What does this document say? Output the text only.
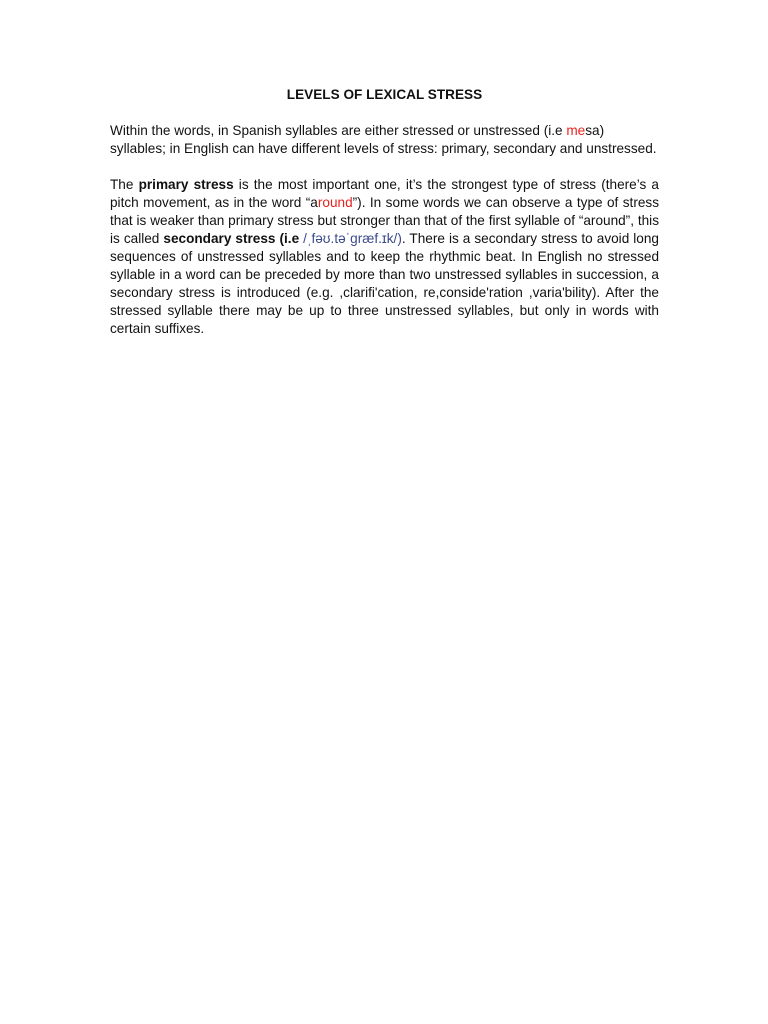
LEVELS OF LEXICAL STRESS

Within the words, in Spanish syllables are either stressed or unstressed (i.e mesa) syllables; in English can have different levels of stress: primary, secondary and unstressed.

The primary stress is the most important one, it’s the strongest type of stress (there’s a pitch movement, as in the word “around”). In some words we can observe a type of stress that is weaker than primary stress but stronger than that of the first syllable of “around”, this is called secondary stress (i.e /ˌfəʊ.təˈɡræf.ɪk/). There is a secondary stress to avoid long sequences of unstressed syllables and to keep the rhythmic beat. In English no stressed syllable in a word can be preceded by more than two unstressed syllables in succession, a secondary stress is introduced (e.g. ,clarifi'cation, re,conside'ration ,varia'bility). After the stressed syllable there may be up to three unstressed syllables, but only in words with certain suffixes.
